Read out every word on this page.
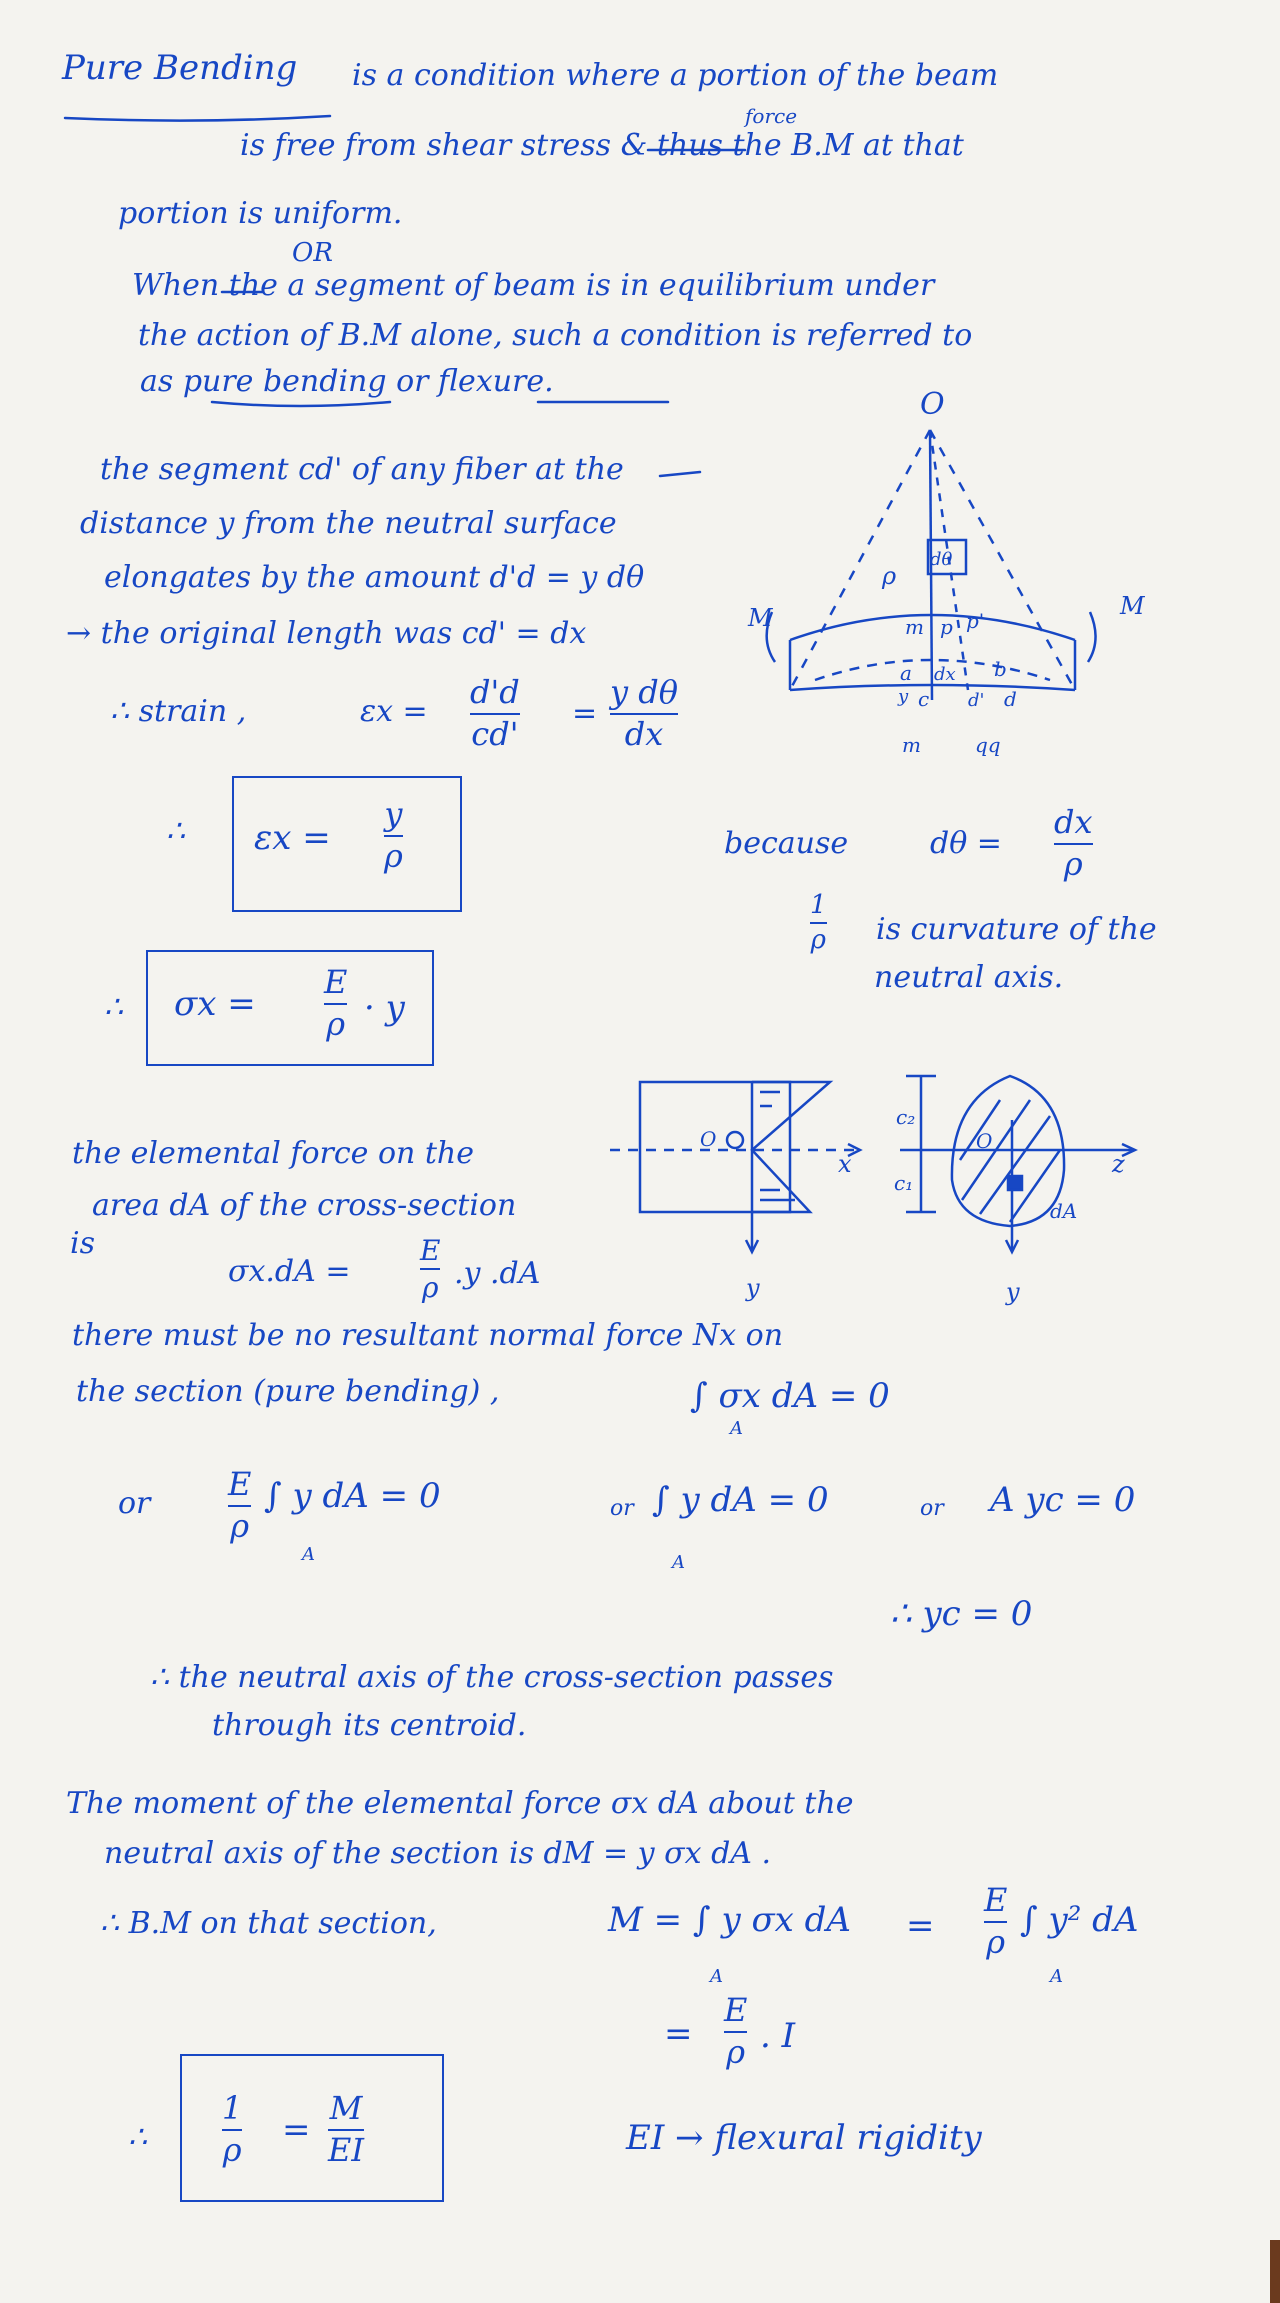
Pure Bending is a condition where a portion of the beam
force
is free from shear stress & thus the B.M at that
portion is uniform.
OR
When the a segment of beam is in equilibrium under
the action of B.M alone, such a condition is referred to
as pure bending or flexure.
the segment cd' of any fiber at the
distance y from the neutral surface
elongates by the amount d'd = y dθ
→ the original length was cd' = dx
∴ strain ,	εx =
d'd
cd'
=
y dθ
dx
∴ εx =
y
ρ	because	dθ =
dx
ρ
1
ρ is curvature of the
neutral axis.
∴ σx =
E
ρ · y
the elemental force on the
area dA of the cross-section
is
σx.dA =
E
ρ .y .dA
there must be no resultant normal force Nx on
the section (pure bending) ,	∫ σx dA = 0
A
or
E
ρ
∫ y dA = 0
A
or ∫ y dA = 0
A
or A yc = 0
∴ yc = 0
∴ the neutral axis of the cross-section passes
through its centroid.
The moment of the elemental force σx dA about the
neutral axis of the section is dM = y σx dA .
∴ B.M on that section,	M = ∫ y σx dA
A
=
E
ρ
∫ y² dA
A
=
E
ρ . I
∴
1
ρ =
M
EI	EI → flexural rigidity
O
ρ
dθ
M	M
m p p'
a dx b
y c d' d
m	qq
O
x
y
c₂
c₁
O
z
y
dA
